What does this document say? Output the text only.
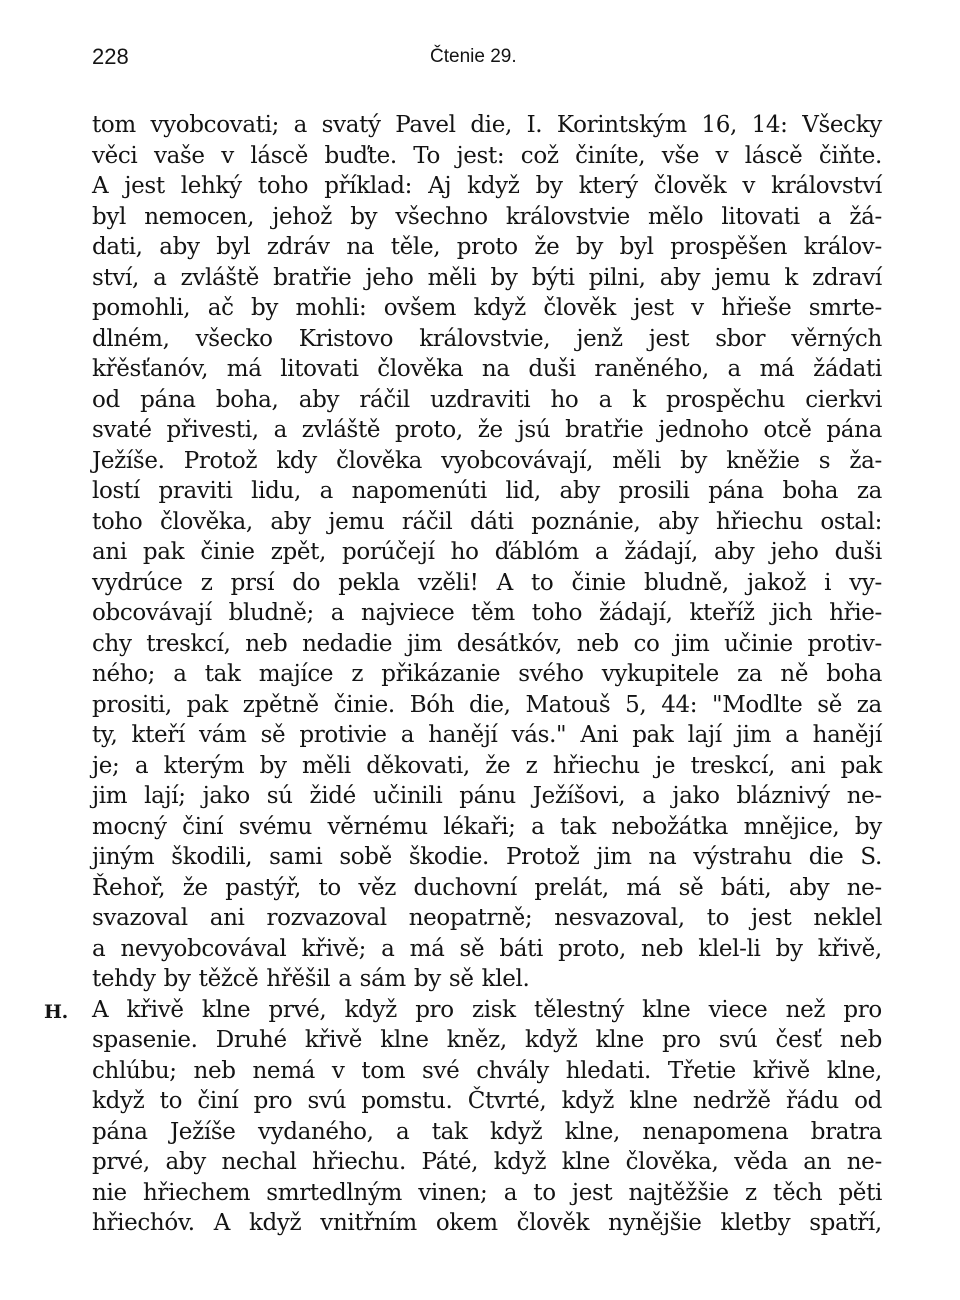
228	Čtenie 29.
tom vyobcovati; a svatý Pavel die, I. Korintským 16, 14: Všecky
věci vaše v láscě buďte. To jest: což činíte, vše v láscě čiňte.
A jest lehký toho příklad: Aj když by který člověk v království
byl nemocen, jehož by všechno královstvie mělo litovati a žá-
dati, aby byl zdráv na těle, proto že by byl prospěšen králov-
ství, a zvláště bratřie jeho měli by býti pilni, aby jemu k zdraví
pomohli, ač by mohli: ovšem když člověk jest v hřieše smrte-
dlném, všecko Kristovo královstvie, jenž jest sbor věrných
křěsťanóv, má litovati člověka na duši raněného, a má žádati
od pána boha, aby ráčil uzdraviti ho a k prospěchu cierkvi
svaté přivesti, a zvláště proto, že jsú bratřie jednoho otcě pána
Ježíše. Protož kdy člověka vyobcovávají, měli by kněžie s ža-
lostí praviti lidu, a napomenúti lid, aby prosili pána boha za
toho člověka, aby jemu ráčil dáti poznánie, aby hřiechu ostal:
ani pak činie zpět, porúčejí ho ďáblóm a žádají, aby jeho duši
vydrúce z prsí do pekla vzěli! A to činie bludně, jakož i vy-
obcovávají bludně; a najviece těm toho žádají, kteříž jich hřie-
chy treskcí, neb nedadie jim desátkóv, neb co jim učinie protiv-
ného; a tak majíce z přikázanie svého vykupitele za ně boha
prositi, pak zpětně činie. Bóh die, Matouš 5, 44: "Modlte sě za
ty, kteří vám sě protivie a hanějí vás." Ani pak lají jim a hanějí
je; a kterým by měli děkovati, že z hřiechu je treskcí, ani pak
jim lají; jako sú židé učinili pánu Ježíšovi, a jako bláznivý ne-
mocný činí svému věrnému lékaři; a tak nebožátka mnějice, by
jiným škodili, sami sobě škodie. Protož jim na výstrahu die S.
Řehoř, že pastýř, to věz duchovní prelát, má sě báti, aby ne-
svazoval ani rozvazoval neopatrně; nesvazoval, to jest neklel
a nevyobcovával křivě; a má sě báti proto, neb klel-li by křivě,
tehdy by těžcě hřěšil a sám by sě klel.
H. A křivě klne prvé, když pro zisk tělestný klne viece než pro
spasenie. Druhé křivě klne kněz, když klne pro svú česť neb
chlúbu; neb nemá v tom své chvály hledati. Třetie křivě klne,
když to činí pro svú pomstu. Čtvrté, když klne nedržě řádu od
pána Ježíše vydaného, a tak když klne, nenapomena bratra
prvé, aby nechal hřiechu. Páté, když klne člověka, věda an ne-
nie hřiechem smrtedlným vinen; a to jest najtěžšie z těch pěti
hřiechóv. A když vnitřním okem člověk nynějšie kletby spatří,
